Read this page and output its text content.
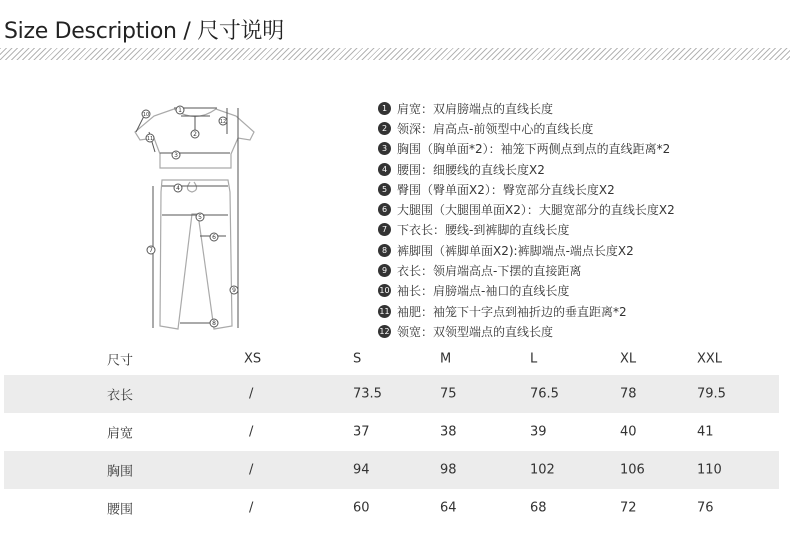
Size Description / 尺寸说明
1
2
3
4
5
6
7
8
9
10
11
12
1 肩宽：双肩膀端点的直线长度
2 领深：肩高点-前领型中心的直线长度
3 胸围（胸单面*2）：袖笼下两侧点到点的直线距离*2
4 腰围：细腰线的直线长度X2
5 臀围（臀单面X2）：臀宽部分直线长度X2
6 大腿围（大腿围单面X2）：大腿宽部分的直线长度X2
7 下衣长：腰线-到裤脚的直线长度
8 裤脚围（裤脚单面X2):裤脚端点-端点长度X2
9 衣长：领肩端高点-下摆的直接距离
10 袖长：肩膀端点-袖口的直线长度
11 袖肥：袖笼下十字点到袖折边的垂直距离*2
12 领宽：双领型端点的直线长度
尺寸	XS	S	M	L	XL	XXL
衣长	/	73.5	75	76.5	78	79.5
肩宽	/	37	38	39	40	41
胸围	/	94	98	102	106	110
腰围	/	60	64	68	72	76
